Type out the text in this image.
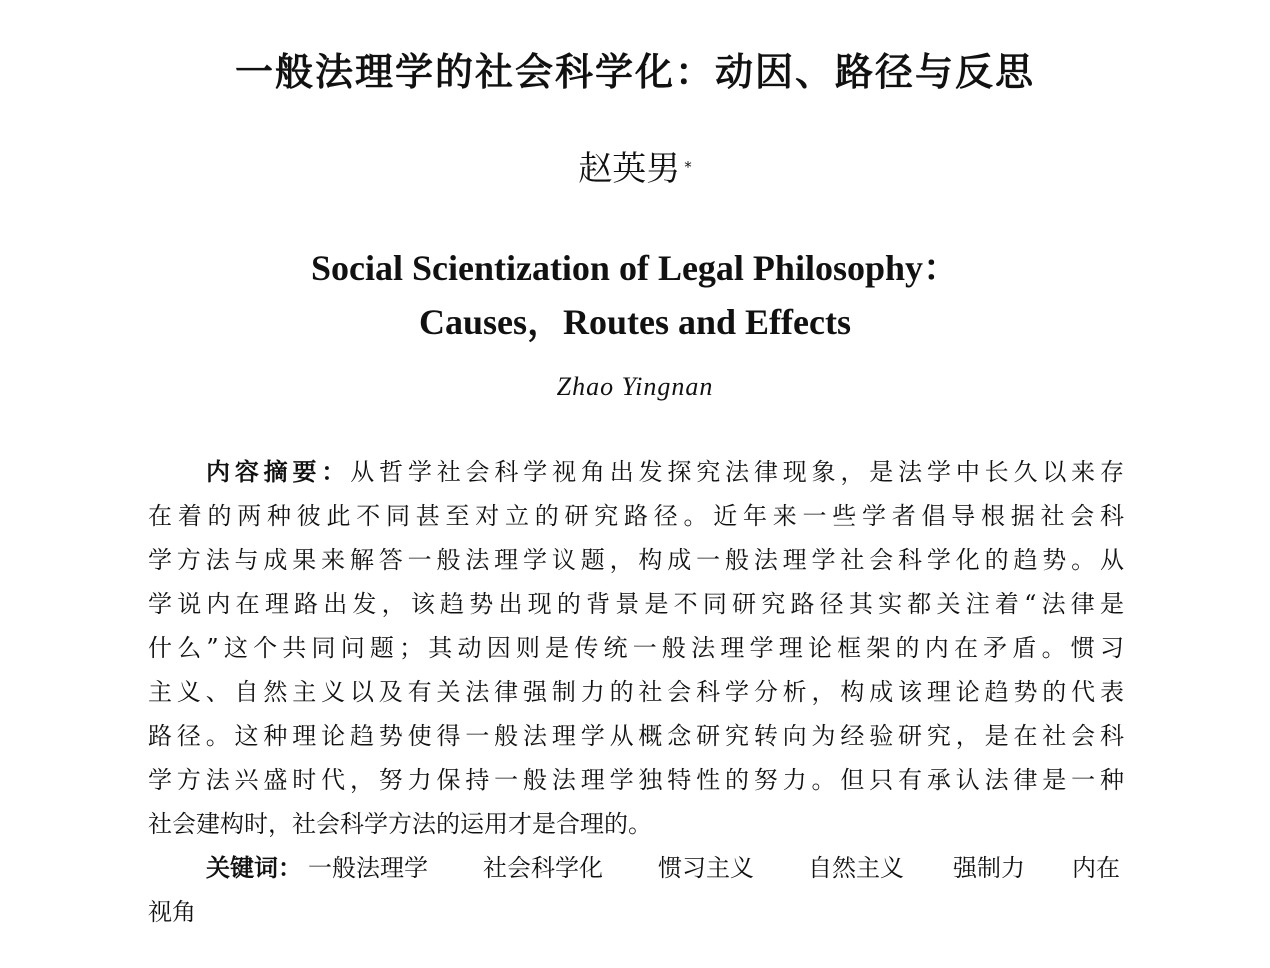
一般法理学的社会科学化：动因、路径与反思
赵英男 *
Social Scientization of Legal Philosophy：
Causes，Routes and Effects
Zhao Yingnan
内容摘要：从哲学社会科学视角出发探究法律现象，是法学中长久以来存
在着的两种彼此不同甚至对立的研究路径。近年来一些学者倡导根据社会科
学方法与成果来解答一般法理学议题，构成一般法理学社会科学化的趋势。从
学说内在理路出发，该趋势出现的背景是不同研究路径其实都关注着“法律是
什么”这个共同问题；其动因则是传统一般法理学理论框架的内在矛盾。惯习
主义、自然主义以及有关法律强制力的社会科学分析，构成该理论趋势的代表
路径。这种理论趋势使得一般法理学从概念研究转向为经验研究，是在社会科
学方法兴盛时代，努力保持一般法理学独特性的努力。但只有承认法律是一种
社会建构时，社会科学方法的运用才是合理的。
关键词： 一般法理学 社会科学化 惯习主义 自然主义 强制力 内在
视角
